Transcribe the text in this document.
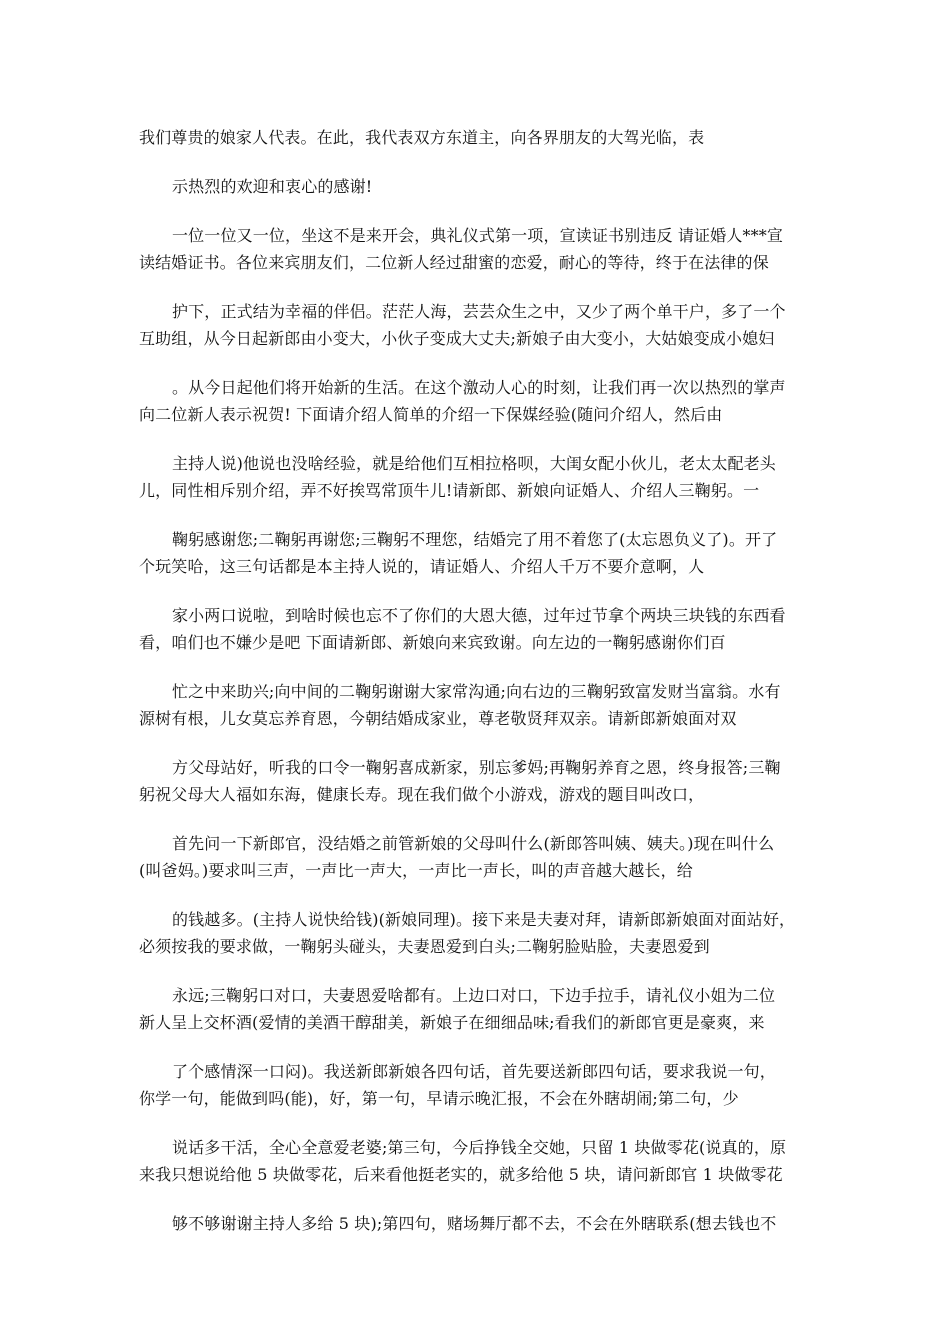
我们尊贵的娘家人代表。在此，我代表双方东道主，向各界朋友的大驾光临，表
示热烈的欢迎和衷心的感谢!
一位一位又一位，坐这不是来开会，典礼仪式第一项，宣读证书别违反 请证婚人***宣
读结婚证书。各位来宾朋友们，二位新人经过甜蜜的恋爱，耐心的等待，终于在法律的保
护下，正式结为幸福的伴侣。茫茫人海，芸芸众生之中，又少了两个单干户，多了一个
互助组，从今日起新郎由小变大，小伙子变成大丈夫;新娘子由大变小，大姑娘变成小媳妇
。从今日起他们将开始新的生活。在这个激动人心的时刻，让我们再一次以热烈的掌声
向二位新人表示祝贺! 下面请介绍人简单的介绍一下保媒经验(随问介绍人，然后由
主持人说)他说也没啥经验，就是给他们互相拉格呗，大闺女配小伙儿，老太太配老头
儿，同性相斥别介绍，弄不好挨骂常顶牛儿!请新郎、新娘向证婚人、介绍人三鞠躬。一
鞠躬感谢您;二鞠躬再谢您;三鞠躬不理您，结婚完了用不着您了(太忘恩负义了)。开了
个玩笑哈，这三句话都是本主持人说的，请证婚人、介绍人千万不要介意啊，人
家小两口说啦，到啥时候也忘不了你们的大恩大德，过年过节拿个两块三块钱的东西看
看，咱们也不嫌少是吧 下面请新郎、新娘向来宾致谢。向左边的一鞠躬感谢你们百
忙之中来助兴;向中间的二鞠躬谢谢大家常沟通;向右边的三鞠躬致富发财当富翁。水有
源树有根，儿女莫忘养育恩，今朝结婚成家业，尊老敬贤拜双亲。请新郎新娘面对双
方父母站好，听我的口令一鞠躬喜成新家，别忘爹妈;再鞠躬养育之恩，终身报答;三鞠
躬祝父母大人福如东海，健康长寿。现在我们做个小游戏，游戏的题目叫改口，
首先问一下新郎官，没结婚之前管新娘的父母叫什么(新郎答叫姨、姨夫。)现在叫什么
(叫爸妈。)要求叫三声，一声比一声大，一声比一声长，叫的声音越大越长，给
的钱越多。(主持人说快给钱)(新娘同理)。接下来是夫妻对拜，请新郎新娘面对面站好，
必须按我的要求做，一鞠躬头碰头，夫妻恩爱到白头;二鞠躬脸贴脸，夫妻恩爱到
永远;三鞠躬口对口，夫妻恩爱啥都有。上边口对口，下边手拉手，请礼仪小姐为二位
新人呈上交杯酒(爱情的美酒干醇甜美，新娘子在细细品味;看我们的新郎官更是豪爽，来
了个感情深一口闷)。我送新郎新娘各四句话，首先要送新郎四句话，要求我说一句，
你学一句，能做到吗(能)，好，第一句，早请示晚汇报，不会在外瞎胡闹;第二句，少
说话多干活，全心全意爱老婆;第三句，今后挣钱全交她，只留 1 块做零花(说真的，原
来我只想说给他 5 块做零花，后来看他挺老实的，就多给他 5 块，请问新郎官 1 块做零花
够不够谢谢主持人多给 5 块);第四句，赌场舞厅都不去，不会在外瞎联系(想去钱也不
